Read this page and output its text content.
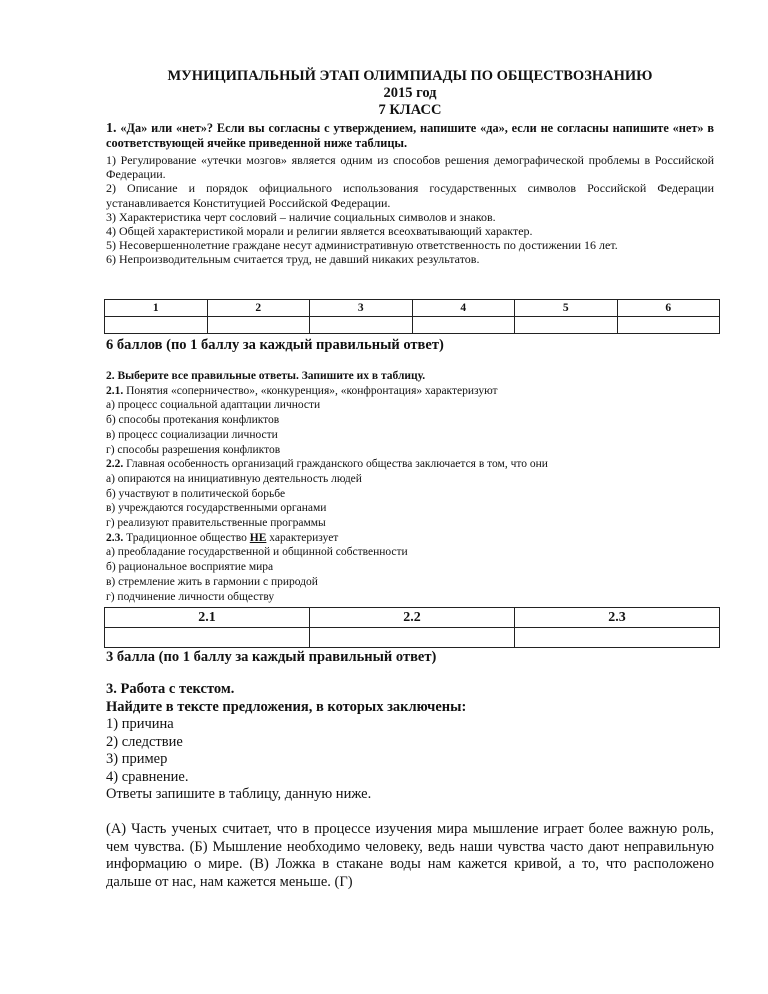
МУНИЦИПАЛЬНЫЙ ЭТАП ОЛИМПИАДЫ ПО ОБЩЕСТВОЗНАНИЮ
2015 год
7 КЛАСС
1. «Да» или «нет»? Если вы согласны с утверждением, напишите «да», если не согласны напишите «нет» в соответствующей ячейке приведенной ниже таблицы.
1) Регулирование «утечки мозгов» является одним из способов решения демографической проблемы в Российской Федерации.
2) Описание и порядок официального использования государственных символов Российской Федерации устанавливается Конституцией Российской Федерации.
3) Характеристика черт сословий – наличие социальных символов и знаков.
4) Общей характеристикой морали и религии является всеохватывающий характер.
5) Несовершеннолетние граждане несут административную ответственность по достижении 16 лет.
6) Непроизводительным считается труд, не давший никаких результатов.
1	2	3	4	5	6

6 баллов (по 1 баллу за каждый правильный ответ)
2. Выберите все правильные ответы. Запишите их в таблицу.
2.1. Понятия «соперничество», «конкуренция», «конфронтация» характеризуют
а) процесс социальной адаптации личности
б) способы протекания конфликтов
в) процесс социализации личности
г) способы разрешения конфликтов
2.2. Главная особенность организаций гражданского общества заключается в том, что они
а) опираются на инициативную деятельность людей
б) участвуют в политической борьбе
в) учреждаются государственными органами
г) реализуют правительственные программы
2.3. Традиционное общество НЕ характеризует
а) преобладание государственной и общинной собственности
б) рациональное восприятие мира
в) стремление жить в гармонии с природой
г) подчинение личности обществу
2.1	2.2	2.3

3 балла (по 1 баллу за каждый правильный ответ)
3. Работа с текстом.
Найдите в тексте предложения, в которых заключены:
1) причина
2) следствие
3) пример
4) сравнение.
Ответы запишите в таблицу, данную ниже.
(А) Часть ученых считает, что в процессе изучения мира мышление играет более важную роль, чем чувства. (Б) Мышление необходимо человеку, ведь наши чувства часто дают неправильную информацию о мире. (В) Ложка в стакане воды нам кажется кривой, а то, что расположено дальше от нас, нам кажется меньше. (Г)
